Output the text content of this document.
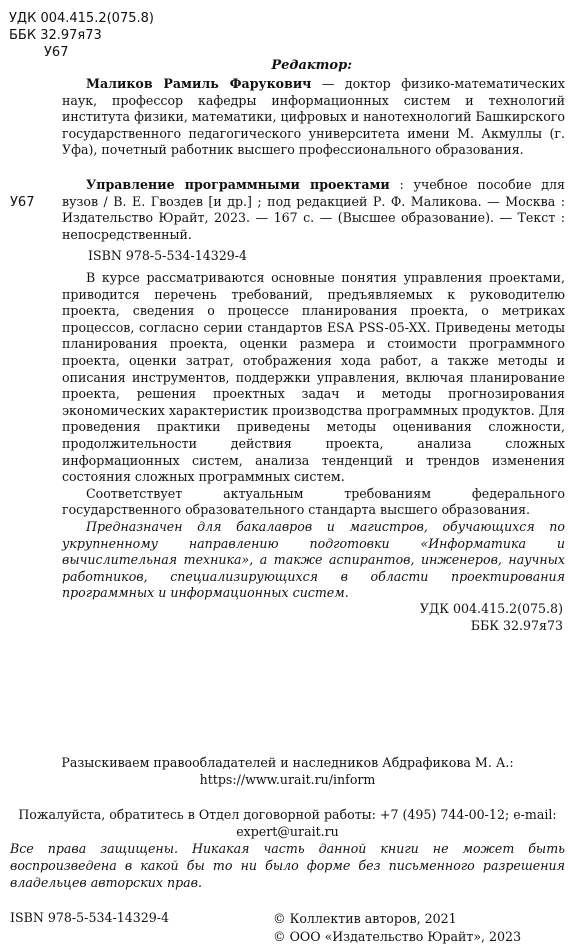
УДК 004.415.2(075.8)
ББК 32.97я73
У67
Редактор:
Маликов Рамиль Фарукович — доктор физико-математических наук, профессор кафедры информационных систем и технологий института физики, математики, цифровых и нанотехнологий Башкирского государственного педагогического университета имени М. Акмуллы (г. Уфа), почетный работник высшего профессионального образования.
У67
Управление программными проектами : учебное пособие для вузов / В. Е. Гвоздев [и др.] ; под редакцией Р. Ф. Маликова. — Москва : Издательство Юрайт, 2023. — 167 с. — (Высшее образование). — Текст : непосредственный.
ISBN 978-5-534-14329-4

В курсе рассматриваются основные понятия управления проектами, приводится перечень требований, предъявляемых к руководителю проекта, сведения о процессе планирования проекта, о метриках процессов, согласно серии стандартов ESA PSS-05-XX. Приведены методы планирования проекта, оценки размера и стоимости программного проекта, оценки затрат, отображения хода работ, а также методы и описания инструментов, поддержки управления, включая планирование проекта, решения проектных задач и методы прогнозирования экономических характеристик производства программных продуктов. Для проведения практики приведены методы оценивания сложности, продолжительности действия проекта, анализа сложных информационных систем, анализа тенденций и трендов изменения состояния сложных программных систем.

Соответствует актуальным требованиям федерального государственного образовательного стандарта высшего образования.

Предназначен для бакалавров и магистров, обучающихся по укрупненному направлению подготовки «Информатика и вычислительная техника», а также аспирантов, инженеров, научных работников, специализирующихся в области проектирования программных и информационных систем.

УДК 004.415.2(075.8)
ББК 32.97я73
Разыскиваем правообладателей и наследников Абдрафикова М. А.:
https://www.urait.ru/inform
Пожалуйста, обратитесь в Отдел договорной работы: +7 (495) 744-00-12; e-mail:
expert@urait.ru
Все права защищены. Никакая часть данной книги не может быть воспроизведена в какой бы то ни было форме без письменного разрешения владельцев авторских прав.
ISBN 978-5-534-14329-4	© Коллектив авторов, 2021
© ООО «Издательство Юрайт», 2023
